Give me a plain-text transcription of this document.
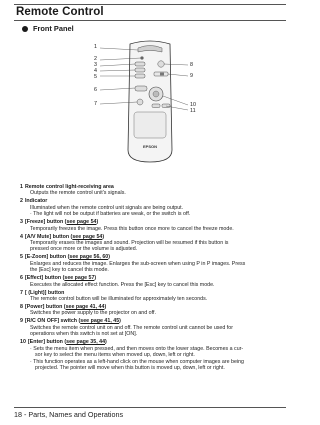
Remote Control
Front Panel
EPSON
1
2
3
4
5
6
7
8
9
10
11
1 Remote control light-receiving area
Outputs the remote control unit's signals.
2 Indicator
Illuminated when the remote control unit signals are being output.
· The light will not be output if batteries are weak, or the switch is off.
3 [Freeze] button (see page 54)
Temporarily freezes the image. Press this button once more to cancel the freeze mode.
4 [A/V Mute] button (see page 54)
Temporarily erases the images and sound. Projection will be resumed if this button is
pressed once more or the volume is adjusted.
5 [E-Zoom] button (see page 56, 60)
Enlarges and reduces the image. Enlarges the sub-screen when using P in P images. Press
the [Esc] key to cancel this mode.
6 [Effect] button (see page 57)
Executes the allocated effect function. Press the [Esc] key to cancel this mode.
7 [ (Light)] button
The remote control button will be illuminated for approximately ten seconds.
8 [Power] button (see page 41, 44)
Switches the power supply to the projector on and off.
9 [R/C ON OFF] switch (see page 41, 45)
Switches the remote control unit on and off. The remote control unit cannot be used for
operations when this switch is not set at [ON].
10 [Enter] button (see page 35, 44)
· Sets the menu item when pressed, and then moves onto the lower stage. Becomes a cur-
sor key to select the menu items when moved up, down, left or right.
· This function operates as a left-hand click on the mouse when computer images are being
projected. The pointer will move when this button is moved up, down, left or right.
18 - Parts, Names and Operations
